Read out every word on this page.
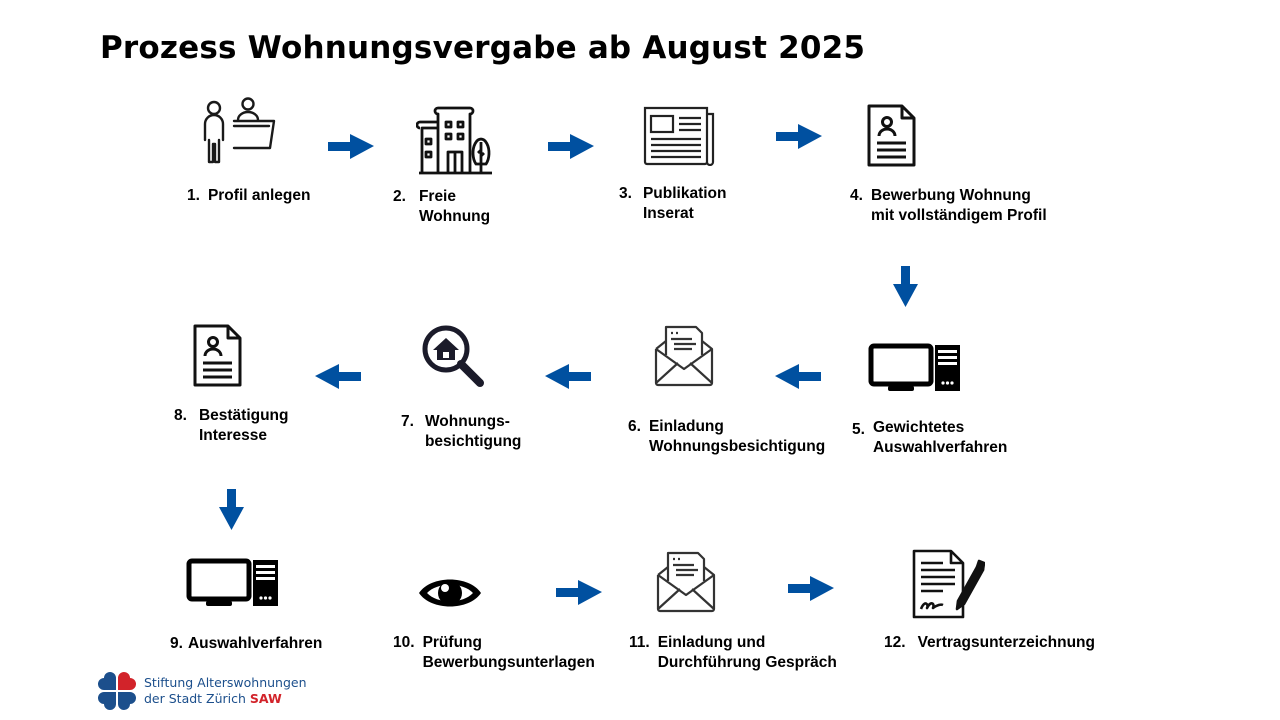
Prozess Wohnungsvergabe ab August 2025
1. Profil anlegen	2. Freie
Wohnung
3. Publikation
Inserat
4. Bewerbung Wohnung
mit vollständigem Profil
8. Bestätigung
Interesse
7. Wohnungs-
besichtigung
6. Einladung
Wohnungsbesichtigung
5. Gewichtetes
Auswahlverfahren
9. Auswahlverfahren	10. Prüfung
Bewerbungsunterlagen
11. Einladung und
Durchführung Gespräch
12. Vertragsunterzeichnung
Stiftung Alterswohnungen
der Stadt Zürich SAW
